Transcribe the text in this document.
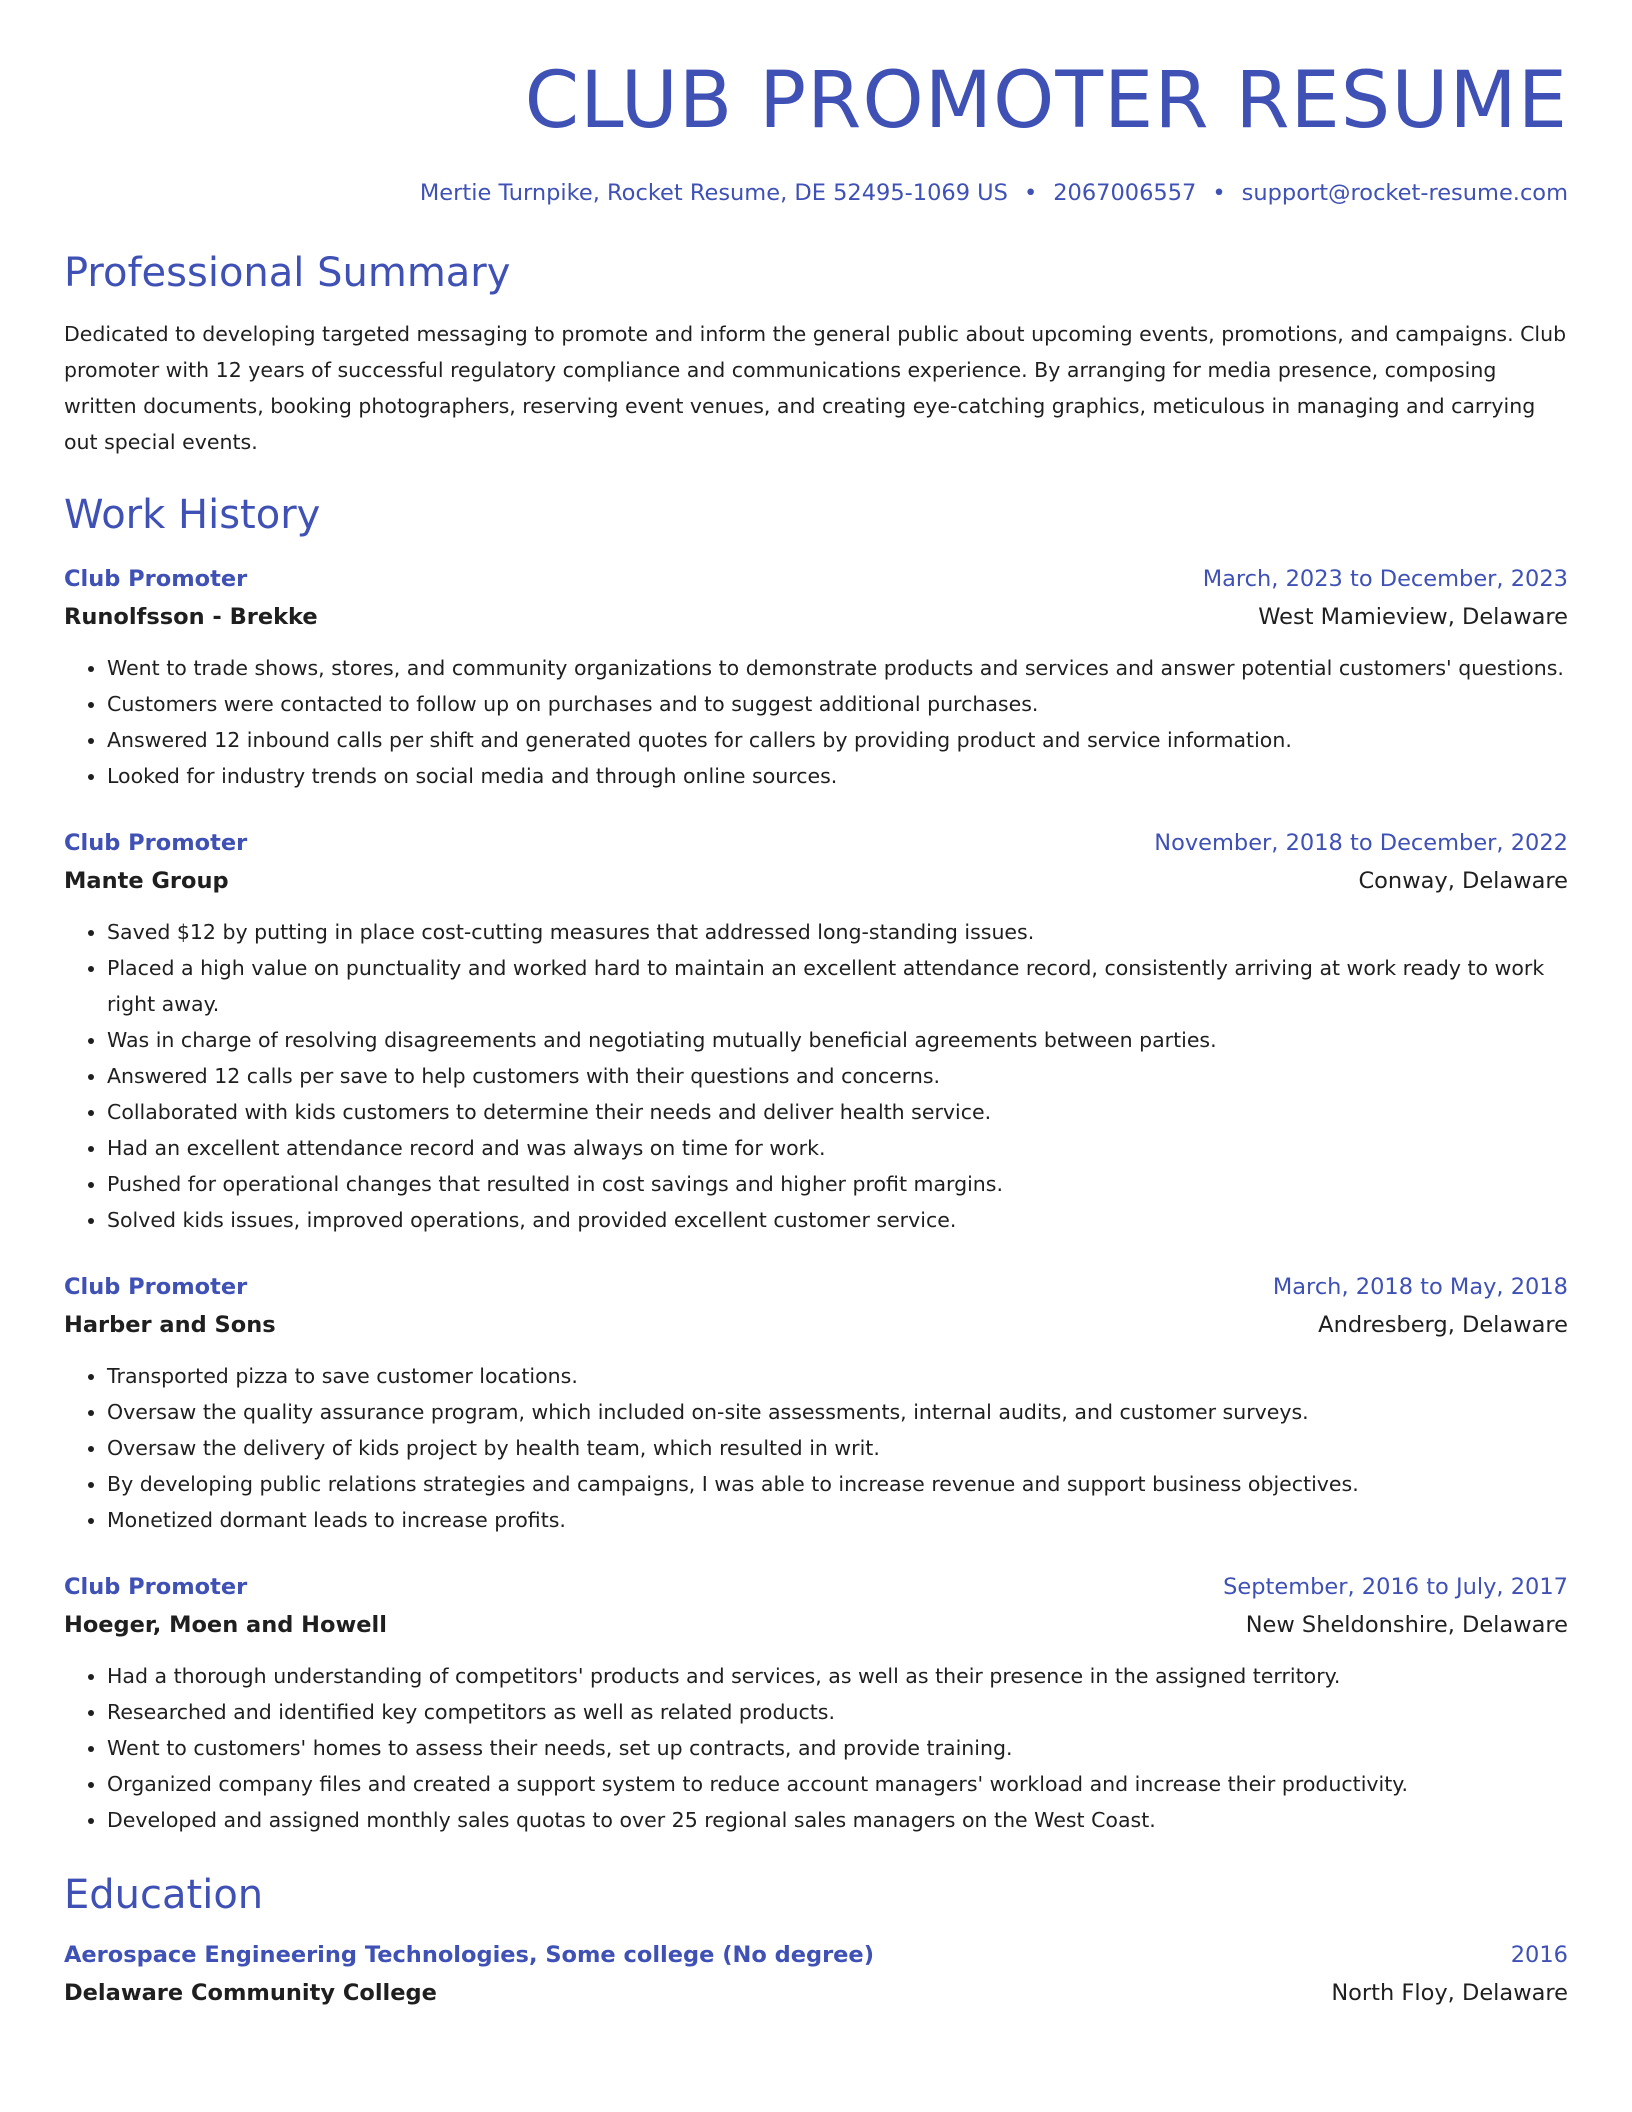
CLUB PROMOTER RESUME
Mertie Turnpike, Rocket Resume, DE 52495-1069 US • 2067006557 • support@rocket-resume.com
Professional Summary
Dedicated to developing targeted messaging to promote and inform the general public about upcoming events, promotions, and campaigns. Club promoter with 12 years of successful regulatory compliance and communications experience. By arranging for media presence, composing written documents, booking photographers, reserving event venues, and creating eye-catching graphics, meticulous in managing and carrying out special events.
Work History
Club Promoter	March, 2023 to December, 2023
Runolfsson - Brekke	West Mamieview, Delaware
• Went to trade shows, stores, and community organizations to demonstrate products and services and answer potential customers' questions.
• Customers were contacted to follow up on purchases and to suggest additional purchases.
• Answered 12 inbound calls per shift and generated quotes for callers by providing product and service information.
• Looked for industry trends on social media and through online sources.
Club Promoter	November, 2018 to December, 2022
Mante Group	Conway, Delaware
• Saved $12 by putting in place cost-cutting measures that addressed long-standing issues.
• Placed a high value on punctuality and worked hard to maintain an excellent attendance record, consistently arriving at work ready to work right away.
• Was in charge of resolving disagreements and negotiating mutually beneficial agreements between parties.
• Answered 12 calls per save to help customers with their questions and concerns.
• Collaborated with kids customers to determine their needs and deliver health service.
• Had an excellent attendance record and was always on time for work.
• Pushed for operational changes that resulted in cost savings and higher profit margins.
• Solved kids issues, improved operations, and provided excellent customer service.
Club Promoter	March, 2018 to May, 2018
Harber and Sons	Andresberg, Delaware
• Transported pizza to save customer locations.
• Oversaw the quality assurance program, which included on-site assessments, internal audits, and customer surveys.
• Oversaw the delivery of kids project by health team, which resulted in writ.
• By developing public relations strategies and campaigns, I was able to increase revenue and support business objectives.
• Monetized dormant leads to increase profits.
Club Promoter	September, 2016 to July, 2017
Hoeger, Moen and Howell	New Sheldonshire, Delaware
• Had a thorough understanding of competitors' products and services, as well as their presence in the assigned territory.
• Researched and identified key competitors as well as related products.
• Went to customers' homes to assess their needs, set up contracts, and provide training.
• Organized company files and created a support system to reduce account managers' workload and increase their productivity.
• Developed and assigned monthly sales quotas to over 25 regional sales managers on the West Coast.
Education
Aerospace Engineering Technologies, Some college (No degree)	2016
Delaware Community College	North Floy, Delaware
